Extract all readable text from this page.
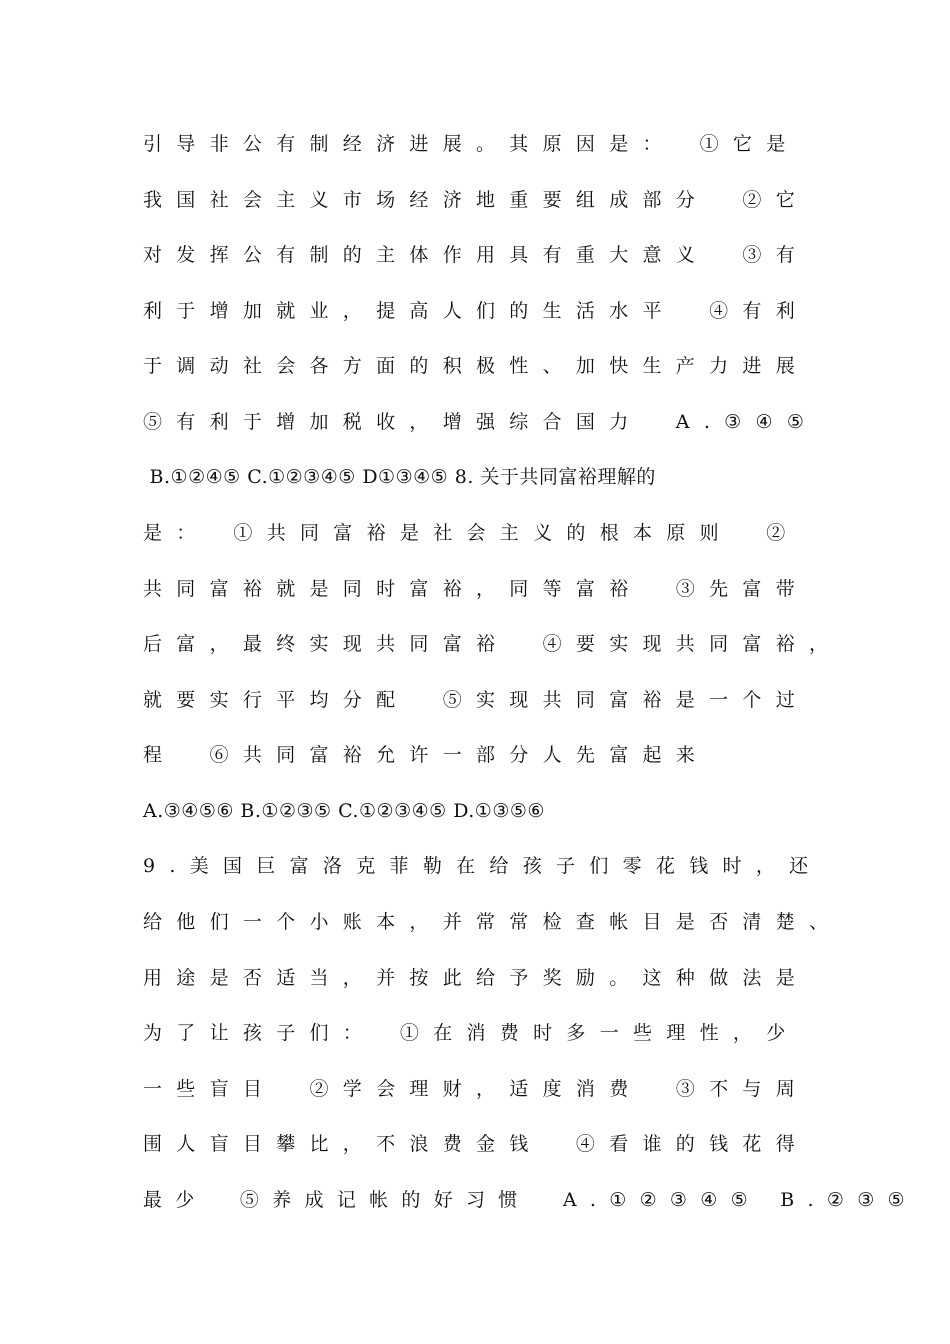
引导非公有制经济进展。其原因是：　①它是
我国社会主义市场经济地重要组成部分　②它
对发挥公有制的主体作用具有重大意义　③有
利于增加就业，提高人们的生活水平　④有利
于调动社会各方面的积极性、加快生产力进展
⑤有利于增加税收，增强综合国力　A.③④⑤
B.①②④⑤ C.①②③④⑤ D①③④⑤ 8. 关于共同富裕理解的
是：　①共同富裕是社会主义的根本原则　②
共同富裕就是同时富裕，同等富裕　③先富带
后富，最终实现共同富裕　④要实现共同富裕，
就要实行平均分配　⑤实现共同富裕是一个过
程　⑥共同富裕允许一部分人先富起来
A.③④⑤⑥ B.①②③⑤ C.①②③④⑤ D.①③⑤⑥
9.美国巨富洛克菲勒在给孩子们零花钱时，还
给他们一个小账本，并常常检查帐目是否清楚、
用途是否适当，并按此给予奖励。这种做法是
为了让孩子们：　①在消费时多一些理性，少
一些盲目　②学会理财，适度消费　③不与周
围人盲目攀比，不浪费金钱　④看谁的钱花得
最少　⑤养成记帐的好习惯　A.①②③④⑤ B.②③⑤
